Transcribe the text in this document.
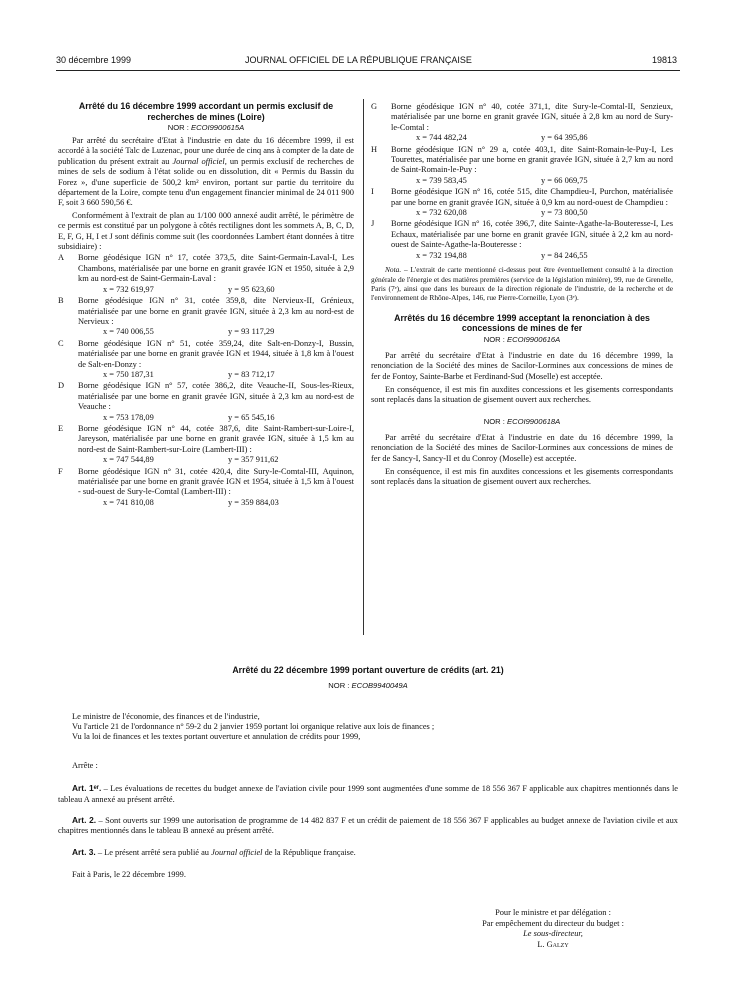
30 décembre 1999	JOURNAL OFFICIEL DE LA RÉPUBLIQUE FRANÇAISE	19813
Arrêté du 16 décembre 1999 accordant un permis exclusif de recherches de mines (Loire)
NOR : ECOI9900615A

Par arrêté du secrétaire d'Etat à l'industrie en date du 16 décembre 1999, il est accordé à la société Talc de Luzenac, pour une durée de cinq ans à compter de la date de publication du présent extrait au Journal officiel, un permis exclusif de recherches de mines de sels de sodium à l'état solide ou en dissolution, dit « Permis du Bassin du Forez », d'une superficie de 500,2 km² environ, portant sur partie du territoire du département de la Loire, compte tenu d'un engagement financier minimal de 24 011 900 F, soit 3 660 590,56 €.

Conformément à l'extrait de plan au 1/100 000 annexé audit arrêté, le périmètre de ce permis est constitué par un polygone à côtés rectilignes dont les sommets A, B, C, D, E, F, G, H, I et J sont définis comme suit (les coordonnées Lambert étant données à titre subsidiaire) :

A Borne géodésique IGN n° 17, cotée 373,5, dite Saint-Germain-Laval-I, Les Chambons, matérialisée par une borne en granit gravée IGN et 1950, située à 2,9 km au nord-est de Saint-Germain-Laval :

x = 732 619,97	y = 95 623,60
B Borne géodésique IGN n° 31, cotée 359,8, dite Nervieux-II, Grénieux, matérialisée par une borne en granit gravée IGN, située à 2,3 km au nord-est de Nervieux :

x = 740 006,55	y = 93 117,29
C Borne géodésique IGN n° 51, cotée 359,24, dite Salt-en-Donzy-I, Bussin, matérialisée par une borne en granit gravée IGN et 1944, située à 1,8 km à l'ouest de Salt-en-Donzy :

x = 750 187,31	y = 83 712,17
D Borne géodésique IGN n° 57, cotée 386,2, dite Veauche-II, Sous-les-Rieux, matérialisée par une borne en granit gravée IGN, située à 2,3 km au nord-est de Veauche :

x = 753 178,09	y = 65 545,16
E Borne géodésique IGN n° 44, cotée 387,6, dite Saint-Rambert-sur-Loire-I, Jareyson, matérialisée par une borne en granit gravée IGN, située à 1,5 km au nord-est de Saint-Rambert-sur-Loire (Lambert-III) :

x = 747 544,89	y = 357 911,62
F Borne géodésique IGN n° 31, cotée 420,4, dite Sury-le-Comtal-III, Aquinon, matérialisée par une borne en granit gravée IGN et 1954, située à 1,5 km à l'ouest - sud-ouest de Sury-le-Comtal (Lambert-III) :

x = 741 810,08	y = 359 884,03
G Borne géodésique IGN n° 40, cotée 371,1, dite Sury-le-Comtal-II, Senzieux, matérialisée par une borne en granit gravée IGN, située à 2,8 km au nord de Sury-le-Comtal :

x = 744 482,24	y = 64 395,86
H Borne géodésique IGN n° 29 a, cotée 403,1, dite Saint-Romain-le-Puy-I, Les Tourettes, matérialisée par une borne en granit gravée IGN, située à 2,7 km au nord de Saint-Romain-le-Puy :

x = 739 583,45	y = 66 069,75
I Borne géodésique IGN n° 16, cotée 515, dite Champdieu-I, Purchon, matérialisée par une borne en granit gravée IGN, située à 0,9 km au nord-ouest de Champdieu :

x = 732 620,08	y = 73 800,50
J Borne géodésique IGN n° 16, cotée 396,7, dite Sainte-Agathe-la-Bouteresse-I, Les Echaux, matérialisée par une borne en granit gravée IGN, située à 2,2 km au nord-ouest de Sainte-Agathe-la-Bouteresse :

x = 732 194,88	y = 84 246,55

Nota. – L'extrait de carte mentionné ci-dessus peut être éventuellement consulté à la direction générale de l'énergie et des matières premières (service de la législation minière), 99, rue de Grenelle, Paris (7ᵉ), ainsi que dans les bureaux de la direction régionale de l'industrie, de la recherche et de l'environnement de Rhône-Alpes, 146, rue Pierre-Corneille, Lyon (3ᵉ).

Arrêtés du 16 décembre 1999 acceptant la renonciation à des concessions de mines de fer
NOR : ECOI9900616A

Par arrêté du secrétaire d'Etat à l'industrie en date du 16 décembre 1999, la renonciation de la Société des mines de Sacilor-Lormines aux concessions de mines de fer de Fontoy, Sainte-Barbe et Ferdinand-Sud (Moselle) est acceptée.

En conséquence, il est mis fin auxdites concessions et les gisements correspondants sont replacés dans la situation de gisement ouvert aux recherches.

NOR : ECOI9900618A

Par arrêté du secrétaire d'Etat à l'industrie en date du 16 décembre 1999, la renonciation de la Société des mines de Sacilor-Lormines aux concessions de mines de fer de Sancy-I, Sancy-II et du Conroy (Moselle) est acceptée.

En conséquence, il est mis fin auxdites concessions et les gisements correspondants sont replacés dans la situation de gisement ouvert aux recherches.

Arrêté du 22 décembre 1999 portant ouverture de crédits (art. 21)
NOR : ECOB9940049A

Le ministre de l'économie, des finances et de l'industrie,

Vu l'article 21 de l'ordonnance n° 59-2 du 2 janvier 1959 portant loi organique relative aux lois de finances ;

Vu la loi de finances et les textes portant ouverture et annulation de crédits pour 1999,

Arrête :

Art. 1ᵉʳ. – Les évaluations de recettes du budget annexe de l'aviation civile pour 1999 sont augmentées d'une somme de 18 556 367 F applicable aux chapitres mentionnés dans le tableau A annexé au présent arrêté.

Art. 2. – Sont ouverts sur 1999 une autorisation de programme de 14 482 837 F et un crédit de paiement de 18 556 367 F applicables au budget annexe de l'aviation civile et aux chapitres mentionnés dans le tableau B annexé au présent arrêté.

Art. 3. – Le présent arrêté sera publié au Journal officiel de la République française.

Fait à Paris, le 22 décembre 1999.

Pour le ministre et par délégation :
Par empêchement du directeur du budget :
Le sous-directeur,
L. Galzy
